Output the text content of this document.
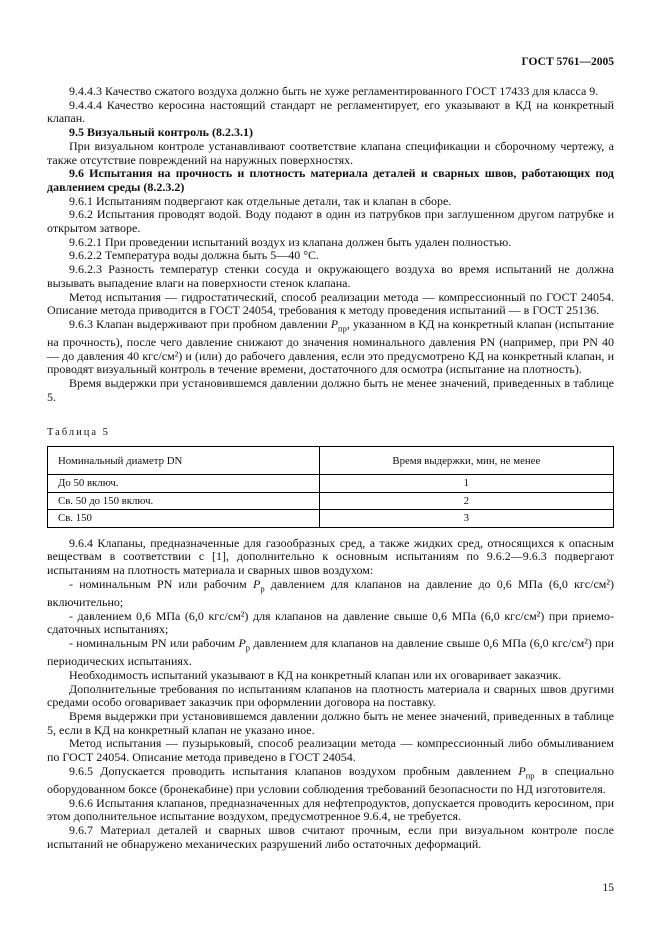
ГОСТ 5761—2005

9.4.4.3 Качество сжатого воздуха должно быть не хуже регламентированного ГОСТ 17433 для класса 9.

9.4.4.4 Качество керосина настоящий стандарт не регламентирует, его указывают в КД на конкретный клапан.

9.5 Визуальный контроль (8.2.3.1)

При визуальном контроле устанавливают соответствие клапана спецификации и сборочному чертежу, а также отсутствие повреждений на наружных поверхностях.

9.6 Испытания на прочность и плотность материала деталей и сварных швов, работающих под давлением среды (8.2.3.2)

9.6.1 Испытаниям подвергают как отдельные детали, так и клапан в сборе.

9.6.2 Испытания проводят водой. Воду подают в один из патрубков при заглушенном другом патрубке и открытом затворе.

9.6.2.1 При проведении испытаний воздух из клапана должен быть удален полностью.

9.6.2.2 Температура воды должна быть 5—40 °С.

9.6.2.3 Разность температур стенки сосуда и окружающего воздуха во время испытаний не должна вызывать выпадение влаги на поверхности стенок клапана.

Метод испытания — гидростатический, способ реализации метода — компрессионный по ГОСТ 24054. Описание метода приводится в ГОСТ 24054, требования к методу проведения испытаний — в ГОСТ 25136.

9.6.3 Клапан выдерживают при пробном давлении $Р_{пр}$, указанном в КД на конкретный клапан (испытание на прочность), после чего давление снижают до значения номинального давления PN (например, при PN 40 — до давления 40 кгс/см²) и (или) до рабочего давления, если это предусмотрено КД на конкретный клапан, и проводят визуальный контроль в течение времени, достаточного для осмотра (испытание на плотность).

Время выдержки при установившемся давлении должно быть не менее значений, приведенных в таблице 5.

Таблица 5
Номинальный диаметр DN	Время выдержки, мин, не менее
До 50 включ.	1
Св. 50 до 150 включ.	2
Св. 150	3

9.6.4 Клапаны, предназначенные для газообразных сред, а также жидких сред, относящихся к опасным веществам в соответствии с [1], дополнительно к основным испытаниям по 9.6.2—9.6.3 подвергают испытаниям на плотность материала и сварных швов воздухом:

- номинальным PN или рабочим $Р_р$ давлением для клапанов на давление до 0,6 МПа (6,0 кгс/см²) включительно;

- давлением 0,6 МПа (6,0 кгс/см²) для клапанов на давление свыше 0,6 МПа (6,0 кгс/см²) при приемо-сдаточных испытаниях;

- номинальным PN или рабочим $Р_р$ давлением для клапанов на давление свыше 0,6 МПа (6,0 кгс/см²) при периодических испытаниях.

Необходимость испытаний указывают в КД на конкретный клапан или их оговаривает заказчик.

Дополнительные требования по испытаниям клапанов на плотность материала и сварных швов другими средами особо оговаривает заказчик при оформлении договора на поставку.

Время выдержки при установившемся давлении должно быть не менее значений, приведенных в таблице 5, если в КД на конкретный клапан не указано иное.

Метод испытания — пузырьковый, способ реализации метода — компрессионный либо обмыливанием по ГОСТ 24054. Описание метода приведено в ГОСТ 24054.

9.6.5 Допускается проводить испытания клапанов воздухом пробным давлением $Р_{пр}$ в специально оборудованном боксе (бронекабине) при условии соблюдения требований безопасности по НД изготовителя.

9.6.6 Испытания клапанов, предназначенных для нефтепродуктов, допускается проводить керосином, при этом дополнительное испытание воздухом, предусмотренное 9.6.4, не требуется.

9.6.7 Материал деталей и сварных швов считают прочным, если при визуальном контроле после испытаний не обнаружено механических разрушений либо остаточных деформаций.

15
